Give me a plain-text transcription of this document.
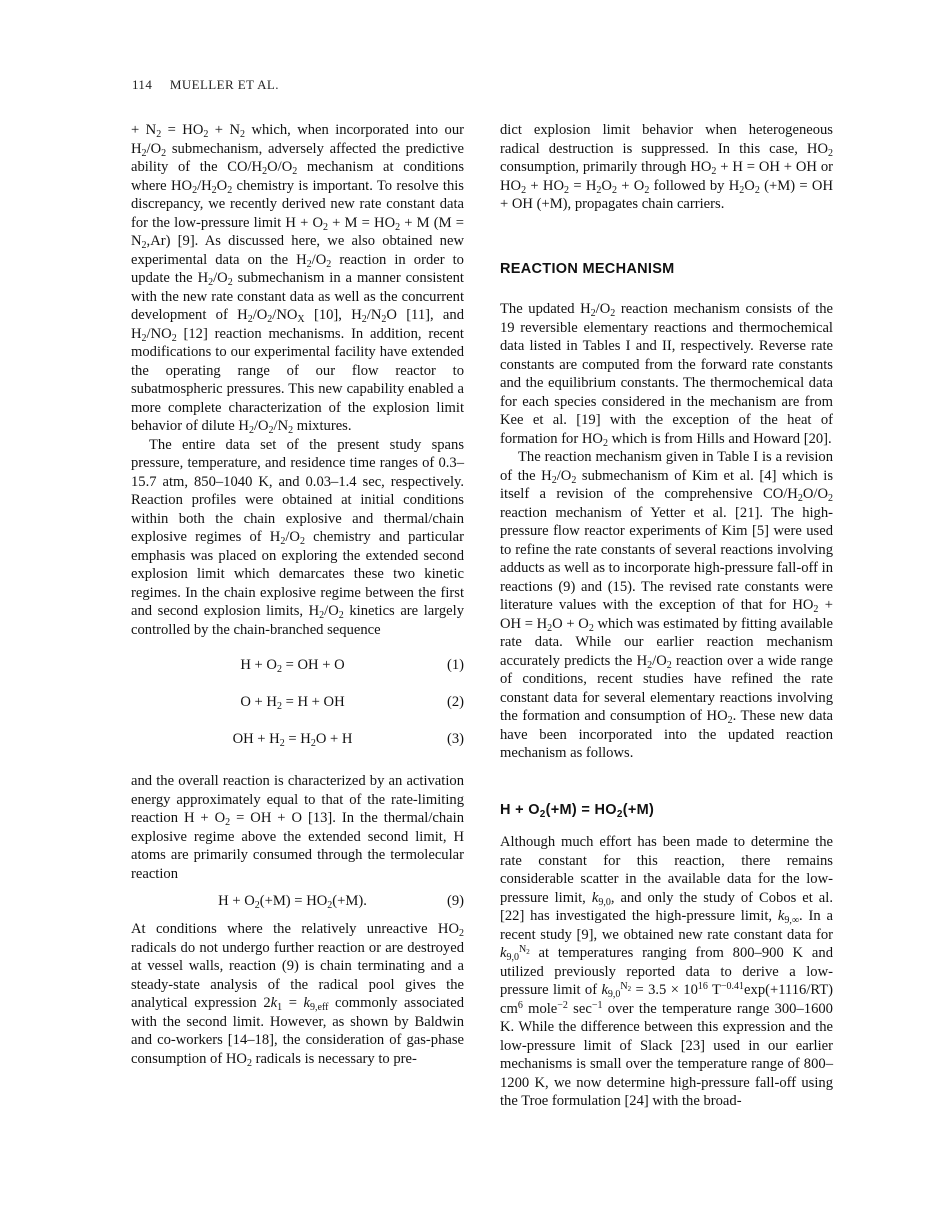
114 MUELLER ET AL.

+ $N_2 = HO_2 + N_2$ which, when incorporated into our $H_2/O_2$ submechanism, adversely affected the predictive ability of the $CO/H_2O/O_2$ mechanism at conditions where $HO_2/H_2O_2$ chemistry is important. To resolve this discrepancy, we recently derived new rate constant data for the low-pressure limit $H + O_2 + M = HO_2 + M$ $(M = N_2,Ar)$ [9]. As discussed here, we also obtained new experimental data on the $H_2/O_2$ reaction in order to update the $H_2/O_2$ submechanism in a manner consistent with the new rate constant data as well as the concurrent development of $H_2/O_2/NO_X$ [10], $H_2/N_2O$ [11], and $H_2/NO_2$ [12] reaction mechanisms. In addition, recent modifications to our experimental facility have extended the operating range of our flow reactor to subatmospheric pressures. This new capability enabled a more complete characterization of the explosion limit behavior of dilute $H_2/O_2/N_2$ mixtures.

The entire data set of the present study spans pressure, temperature, and residence time ranges of 0.3–15.7 atm, 850–1040 K, and 0.03–1.4 sec, respectively. Reaction profiles were obtained at initial conditions within both the chain explosive and thermal/chain explosive regimes of $H_2/O_2$ chemistry and particular emphasis was placed on exploring the extended second explosion limit which demarcates these two kinetic regimes. In the chain explosive regime between the first and second explosion limits, $H_2/O_2$ kinetics are largely controlled by the chain-branched sequence

$H + O_2$ = OH + O	(1)
$O + H_2 = H$ + OH	(2)
OH + $H_2 = H_2O + H$	(3)

and the overall reaction is characterized by an activation energy approximately equal to that of the rate-limiting reaction $H + O_2$ = OH + O [13]. In the thermal/chain explosive regime above the extended second limit, H atoms are primarily consumed through the termolecular reaction

$H + O_2(+M) = HO_2(+M)$.	(9)

At conditions where the relatively unreactive $HO_2$ radicals do not undergo further reaction or are destroyed at vessel walls, reaction (9) is chain terminating and a steady-state analysis of the radical pool gives the analytical expression $2k_1 = k_{9,eff}$ commonly associated with the second limit. However, as shown by Baldwin and co-workers [14–18], the consideration of gas-phase consumption of $HO_2$ radicals is necessary to pre-

dict explosion limit behavior when heterogeneous radical destruction is suppressed. In this case, $HO_2$ consumption, primarily through $HO_2 + H$ = OH + OH or $HO_2 + HO_2 = H_2O_2 + O_2$ followed by $H_2O_2$ (+M) = OH + OH (+M), propagates chain carriers.

REACTION MECHANISM

The updated $H_2/O_2$ reaction mechanism consists of the 19 reversible elementary reactions and thermochemical data listed in Tables I and II, respectively. Reverse rate constants are computed from the forward rate constants and the equilibrium constants. The thermochemical data for each species considered in the mechanism are from Kee et al. [19] with the exception of the heat of formation for $HO_2$ which is from Hills and Howard [20].

The reaction mechanism given in Table I is a revision of the $H_2/O_2$ submechanism of Kim et al. [4] which is itself a revision of the comprehensive $CO/H_2O/O_2$ reaction mechanism of Yetter et al. [21]. The high-pressure flow reactor experiments of Kim [5] were used to refine the rate constants of several reactions involving adducts as well as to incorporate high-pressure fall-off in reactions (9) and (15). The revised rate constants were literature values with the exception of that for $HO_2$ + OH = $H_2O + O_2$ which was estimated by fitting available rate data. While our earlier reaction mechanism accurately predicts the $H_2/O_2$ reaction over a wide range of conditions, recent studies have refined the rate constant data for several elementary reactions involving the formation and consumption of $HO_2$. These new data have been incorporated into the updated reaction mechanism as follows.

$H + O_2(+M) = HO_2(+M)$

Although much effort has been made to determine the rate constant for this reaction, there remains considerable scatter in the available data for the low-pressure limit, $k_{9,0}$, and only the study of Cobos et al. [22] has investigated the high-pressure limit, $k_{9,\infty}$. In a recent study [9], we obtained new rate constant data for $k_{9,0}^{N_2}$ at temperatures ranging from 800–900 K and utilized previously reported data to derive a low-pressure limit of $k_{9,0}^{N_2} = 3.5 \times 10^{16}$ $T^{-0.41}\exp(+1116/RT)$ $cm^6$ mole$^{-2}$ $\sec^{-1}$ over the temperature range 300–1600 K. While the difference between this expression and the low-pressure limit of Slack [23] used in our earlier mechanisms is small over the temperature range of 800–1200 K, we now determine high-pressure fall-off using the Troe formulation [24] with the broad-
